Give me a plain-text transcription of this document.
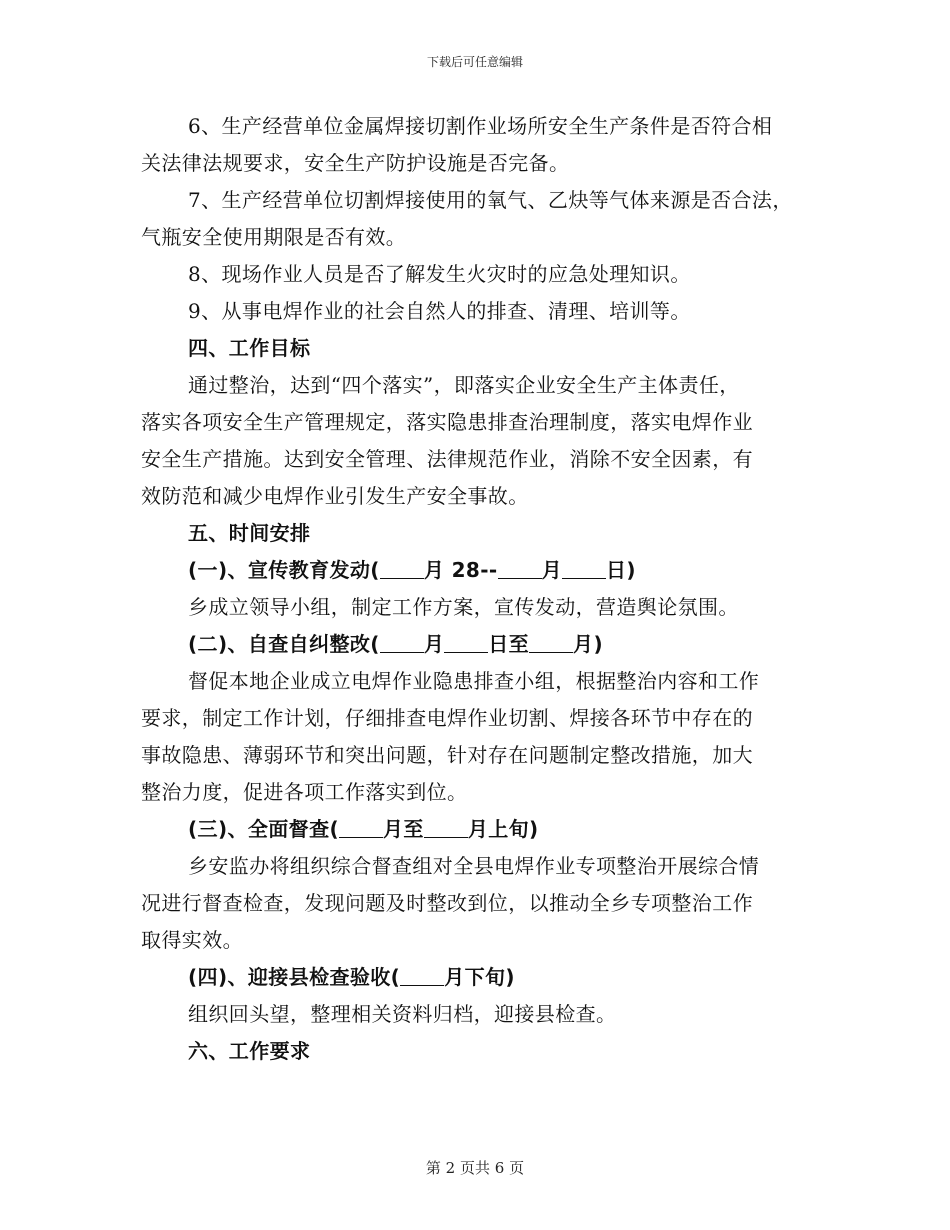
下载后可任意编辑
6、生产经营单位金属焊接切割作业场所安全生产条件是否符合相
关法律法规要求，安全生产防护设施是否完备。
7、生产经营单位切割焊接使用的氧气、乙炔等气体来源是否合法，
气瓶安全使用期限是否有效。
8、现场作业人员是否了解发生火灾时的应急处理知识。
9、从事电焊作业的社会自然人的排查、清理、培训等。
四、工作目标
通过整治，达到“四个落实”，即落实企业安全生产主体责任，
落实各项安全生产管理规定，落实隐患排查治理制度，落实电焊作业
安全生产措施。达到安全管理、法律规范作业，消除不安全因素，有
效防范和减少电焊作业引发生产安全事故。
五、时间安排
(一)、宣传教育发动( 月 28-- 月 日)
乡成立领导小组，制定工作方案，宣传发动，营造舆论氛围。
(二)、自查自纠整改( 月 日至 月)
督促本地企业成立电焊作业隐患排查小组，根据整治内容和工作
要求，制定工作计划，仔细排查电焊作业切割、焊接各环节中存在的
事故隐患、薄弱环节和突出问题，针对存在问题制定整改措施，加大
整治力度，促进各项工作落实到位。
(三)、全面督查( 月至 月上旬)
乡安监办将组织综合督查组对全县电焊作业专项整治开展综合情
况进行督查检查，发现问题及时整改到位，以推动全乡专项整治工作
取得实效。
(四)、迎接县检查验收( 月下旬)
组织回头望，整理相关资料归档，迎接县检查。
六、工作要求
第 2 页共 6 页
